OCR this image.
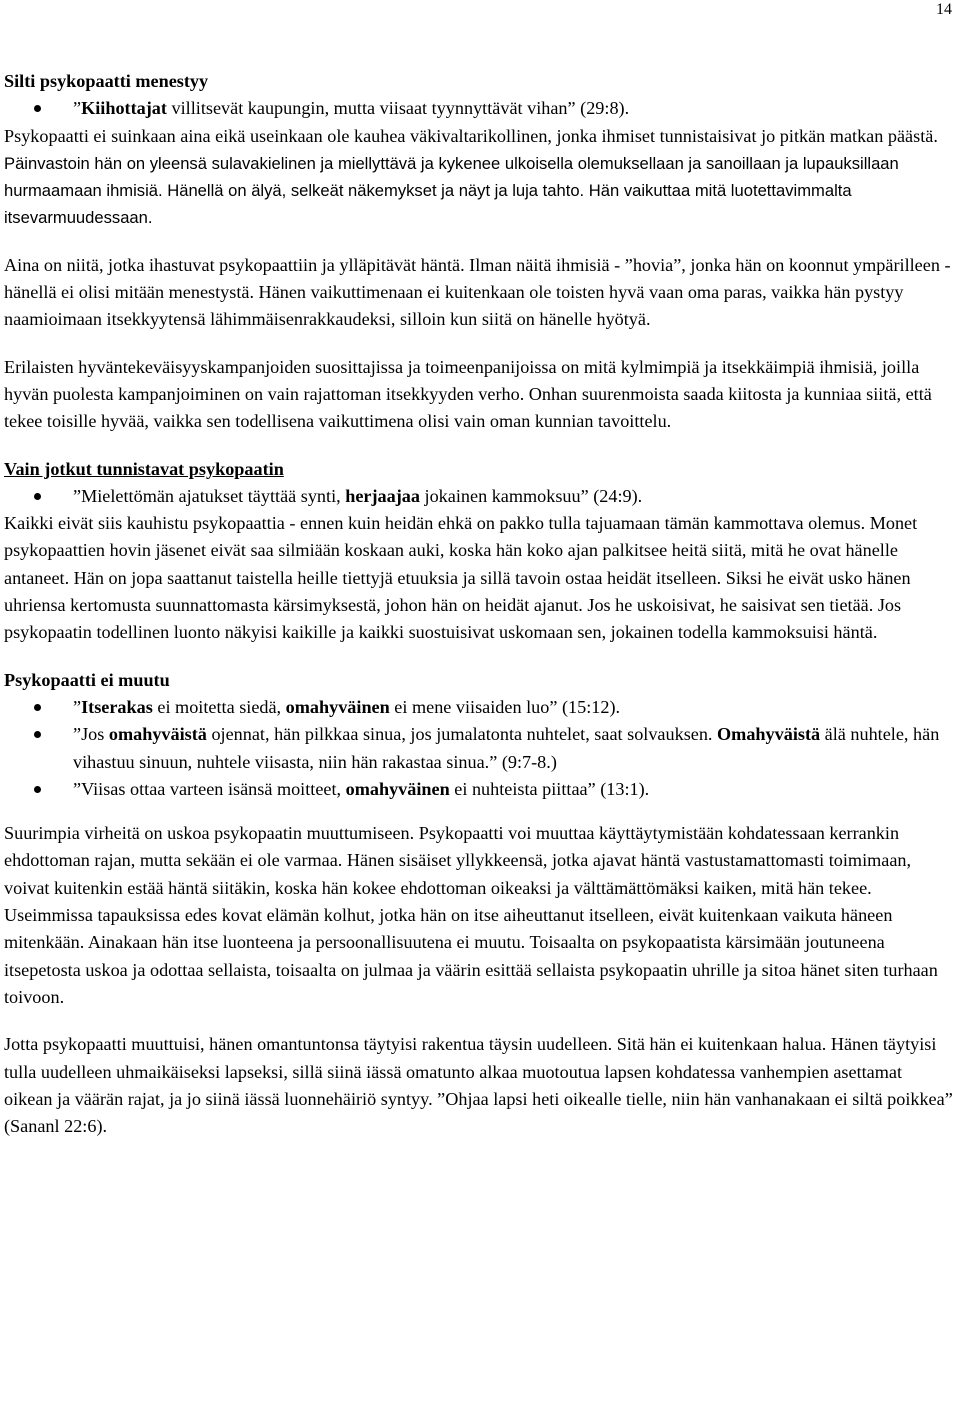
14

Silti psykopaatti menestyy

”Kiihottajat villitsevät kaupungin, mutta viisaat tyynnyttävät vihan” (29:8).

Psykopaatti ei suinkaan aina eikä useinkaan ole kauhea väkivaltarikollinen, jonka ihmiset tunnistaisivat jo pitkän matkan päästä. Päinvastoin hän on yleensä sulavakielinen ja miellyttävä ja kykenee ulkoisella olemuksellaan ja sanoillaan ja lupauksillaan hurmaamaan ihmisiä. Hänellä on älyä, selkeät näkemykset ja näyt ja luja tahto. Hän vaikuttaa mitä luotettavimmalta itsevarmuudessaan.

Aina on niitä, jotka ihastuvat psykopaattiin ja ylläpitävät häntä. Ilman näitä ihmisiä - ”hovia”, jonka hän on koonnut ympärilleen - hänellä ei olisi mitään menestystä. Hänen vaikuttimenaan ei kuitenkaan ole toisten hyvä vaan oma paras, vaikka hän pystyy naamioimaan itsekkyytensä lähimmäisenrakkaudeksi, silloin kun siitä on hänelle hyötyä.

Erilaisten hyväntekeväisyyskampanjoiden suosittajissa ja toimeenpanijoissa on mitä kylmimpiä ja itsekkäimpiä ihmisiä, joilla hyvän puolesta kampanjoiminen on vain rajattoman itsekkyyden verho. Onhan suurenmoista saada kiitosta ja kunniaa siitä, että tekee toisille hyvää, vaikka sen todellisena vaikuttimena olisi vain oman kunnian tavoittelu.

Vain jotkut tunnistavat psykopaatin

”Mielettömän ajatukset täyttää synti, herjaajaa jokainen kammoksuu” (24:9).

Kaikki eivät siis kauhistu psykopaattia - ennen kuin heidän ehkä on pakko tulla tajuamaan tämän kammottava olemus. Monet psykopaattien hovin jäsenet eivät saa silmiään koskaan auki, koska hän koko ajan palkitsee heitä siitä, mitä he ovat hänelle antaneet. Hän on jopa saattanut taistella heille tiettyjä etuuksia ja sillä tavoin ostaa heidät itselleen. Siksi he eivät usko hänen uhriensa kertomusta suunnattomasta kärsimyksestä, johon hän on heidät ajanut. Jos he uskoisivat, he saisivat sen tietää. Jos psykopaatin todellinen luonto näkyisi kaikille ja kaikki suostuisivat uskomaan sen, jokainen todella kammoksuisi häntä.

Psykopaatti ei muutu

”Itserakas ei moitetta siedä, omahyväinen ei mene viisaiden luo” (15:12).
”Jos omahyväistä ojennat, hän pilkkaa sinua, jos jumalatonta nuhtelet, saat solvauksen. Omahyväistä älä nuhtele, hän vihastuu sinuun, nuhtele viisasta, niin hän rakastaa sinua.” (9:7-8.)
”Viisas ottaa varteen isänsä moitteet, omahyväinen ei nuhteista piittaa” (13:1).

Suurimpia virheitä on uskoa psykopaatin muuttumiseen. Psykopaatti voi muuttaa käyttäytymistään kohdatessaan kerrankin ehdottoman rajan, mutta sekään ei ole varmaa. Hänen sisäiset yllykkeensä, jotka ajavat häntä vastustamattomasti toimimaan, voivat kuitenkin estää häntä siitäkin, koska hän kokee ehdottoman oikeaksi ja välttämättömäksi kaiken, mitä hän tekee. Useimmissa tapauksissa edes kovat elämän kolhut, jotka hän on itse aiheuttanut itselleen, eivät kuitenkaan vaikuta häneen mitenkään. Ainakaan hän itse luonteena ja persoonallisuutena ei muutu. Toisaalta on psykopaatista kärsimään joutuneena itsepetosta uskoa ja odottaa sellaista, toisaalta on julmaa ja väärin esittää sellaista psykopaatin uhrille ja sitoa hänet siten turhaan toivoon.

Jotta psykopaatti muuttuisi, hänen omantuntonsa täytyisi rakentua täysin uudelleen. Sitä hän ei kuitenkaan halua. Hänen täytyisi tulla uudelleen uhmaikäiseksi lapseksi, sillä siinä iässä omatunto alkaa muotoutua lapsen kohdatessa vanhempien asettamat oikean ja väärän rajat, ja jo siinä iässä luonnehäiriö syntyy. ”Ohjaa lapsi heti oikealle tielle, niin hän vanhanakaan ei siltä poikkea” (Sananl 22:6).
